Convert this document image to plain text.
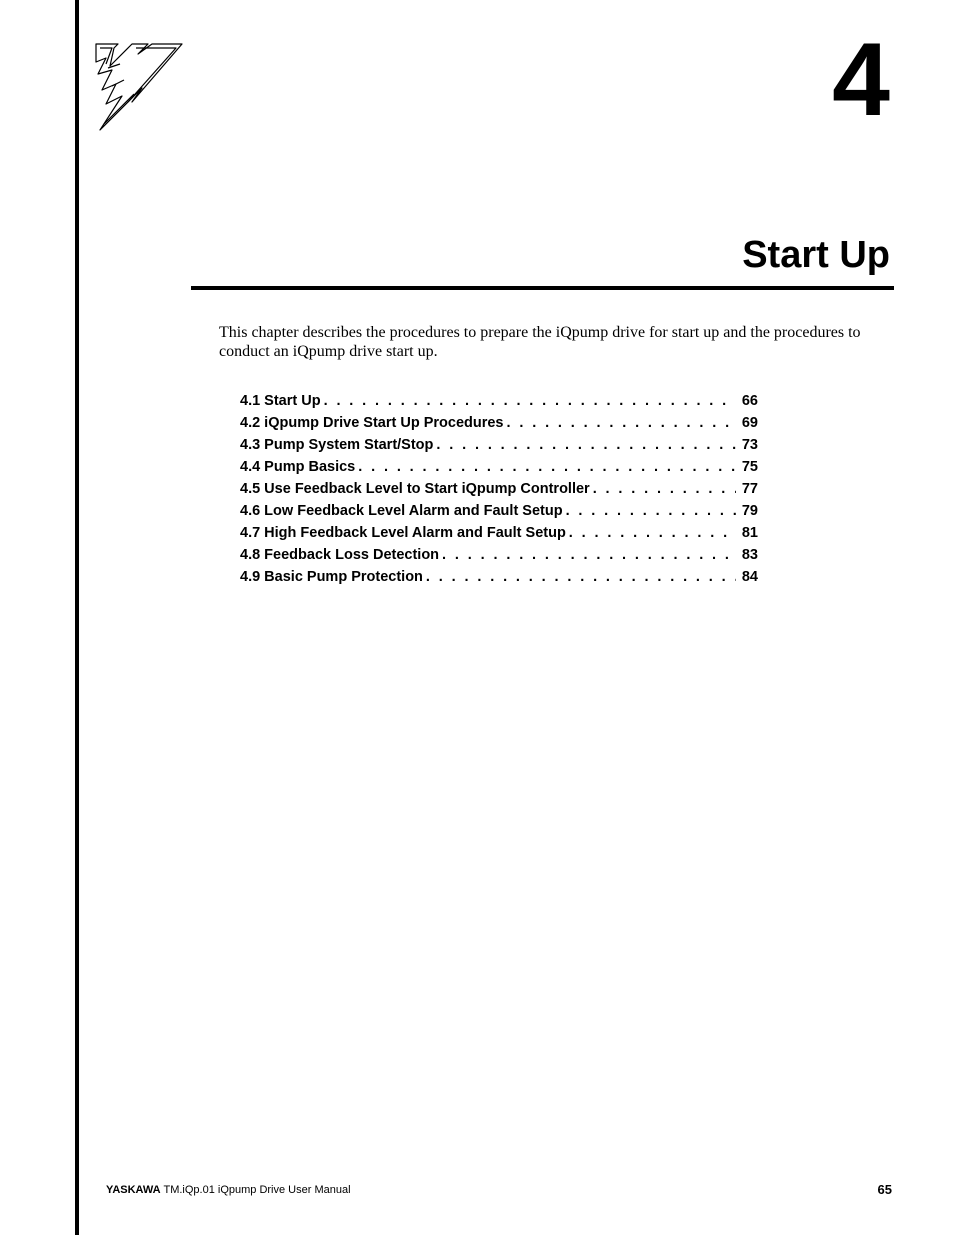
4
Start Up

This chapter describes the procedures to prepare the iQpump drive for start up and the procedures to conduct an iQpump drive start up.

4.1 Start Up . . .	66
4.2 iQpump Drive Start Up Procedures . . .	69
4.3 Pump System Start/Stop . . .	73
4.4 Pump Basics . . .	75
4.5 Use Feedback Level to Start iQpump Controller . . .	77
4.6 Low Feedback Level Alarm and Fault Setup . . .	79
4.7 High Feedback Level Alarm and Fault Setup . . .	81
4.8 Feedback Loss Detection . . .	83
4.9 Basic Pump Protection . . .	84
YASKAWA TM.iQp.01 iQpump Drive User Manual	65
